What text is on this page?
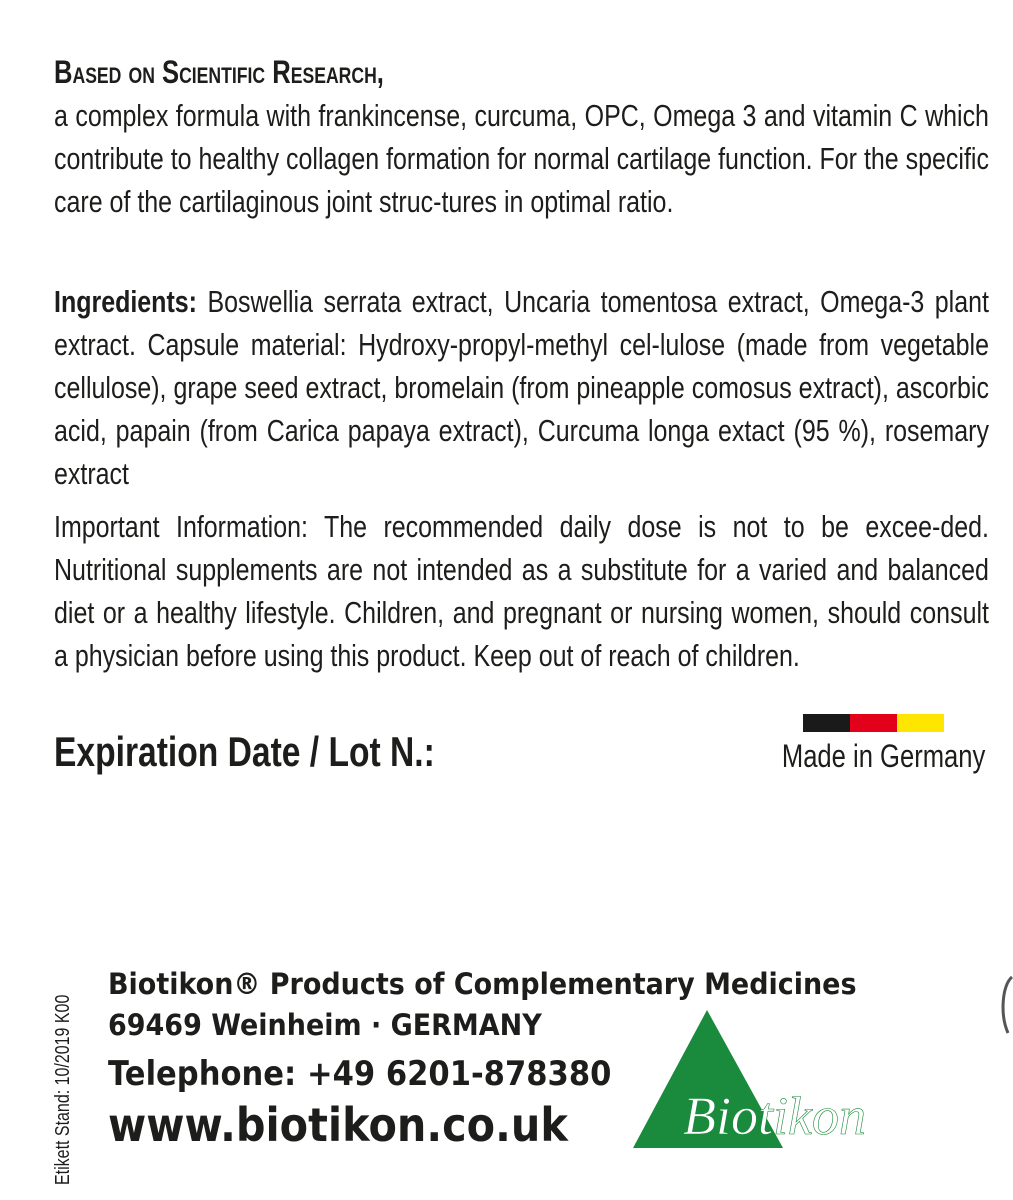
Based on Scientific Research,
a complex formula with frankincense, curcuma, OPC, Omega 3 and vitamin C which contribute to healthy collagen formation for normal cartilage function. For the specific care of the cartilaginous joint struc-tures in optimal ratio.
Ingredients: Boswellia serrata extract, Uncaria tomentosa extract, Omega-3 plant extract. Capsule material: Hydroxy-propyl-methyl cel-lulose (made from vegetable cellulose), grape seed extract, bromelain (from pineapple comosus extract), ascorbic acid, papain (from Carica papaya extract), Curcuma longa extact (95 %), rosemary extract
Important Information: The recommended daily dose is not to be excee-ded. Nutritional supplements are not intended as a substitute for a varied and balanced diet or a healthy lifestyle. Children, and pregnant or nursing women, should consult a physician before using this product. Keep out of reach of children.
Expiration Date / Lot N.:	Made in Germany
Etikett Stand: 10/2019 K00
Biotikon® Products of Complementary Medicines
69469 Weinheim · GERMANY
Telephone: +49 6201-878380
www.biotikon.co.uk Biotikon
